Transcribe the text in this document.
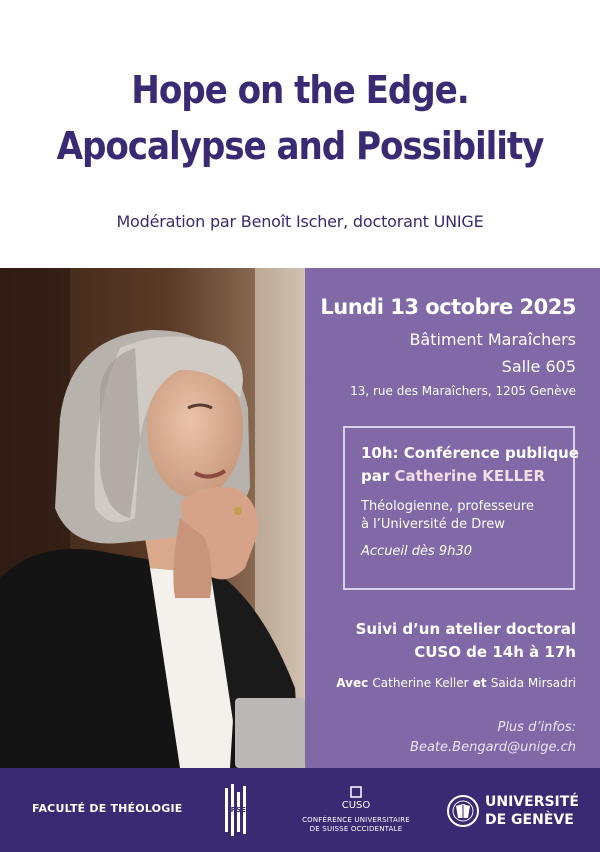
Hope on the Edge.
Apocalypse and Possibility
Modération par Benoît Ischer, doctorant UNIGE
Lundi 13 octobre 2025
Bâtiment Maraîchers
Salle 605
13, rue des Maraîchers, 1205 Genève
10h: Conférence publique
par Catherine KELLER
Théologienne, professeure
à l’Université de Drew
Accueil dès 9h30
Suivi d’un atelier doctoral
CUSO de 14h à 17h
Avec Catherine Keller et Saida Mirsadri
Plus d’infos:
Beate.Bengard@unige.ch
FACULTÉ DE THÉOLOGIE	IRSE	CUSO
CONFÉRENCE UNIVERSITAIRE
DE SUISSE OCCIDENTALE
UNIVERSITÉ
DE GENÈVE
